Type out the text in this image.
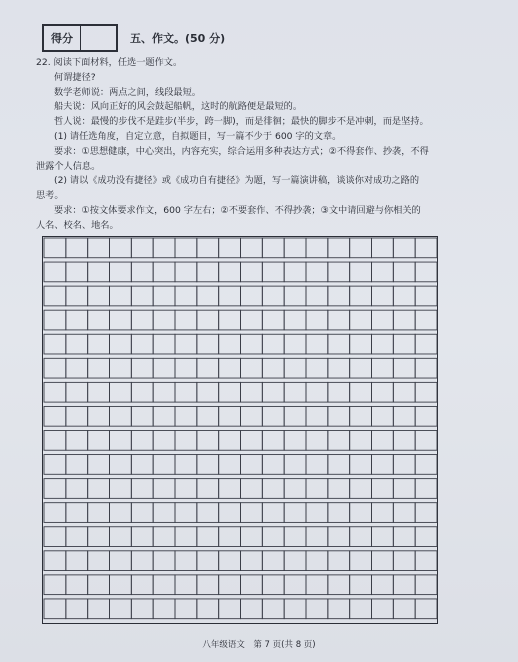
得分	五、作文。(50 分)

22. 阅读下面材料，任选一题作文。

何谓捷径?

数学老师说：两点之间，线段最短。

船夫说：风向正好的风会鼓起船帆，这时的航路便是最短的。

哲人说：最慢的步伐不是跬步(半步，跨一脚)，而是徘徊；最快的脚步不是冲刺，而是坚持。

(1) 请任选角度，自定立意，自拟题目，写一篇不少于 600 字的文章。

要求：①思想健康，中心突出，内容充实，综合运用多种表达方式；②不得套作、抄袭，不得

泄露个人信息。

(2) 请以《成功没有捷径》或《成功自有捷径》为题，写一篇演讲稿，谈谈你对成功之路的

思考。

要求：①按文体要求作文，600 字左右；②不要套作、不得抄袭；③文中请回避与你相关的

人名、校名、地名。

八年级语文　第 7 页(共 8 页)
